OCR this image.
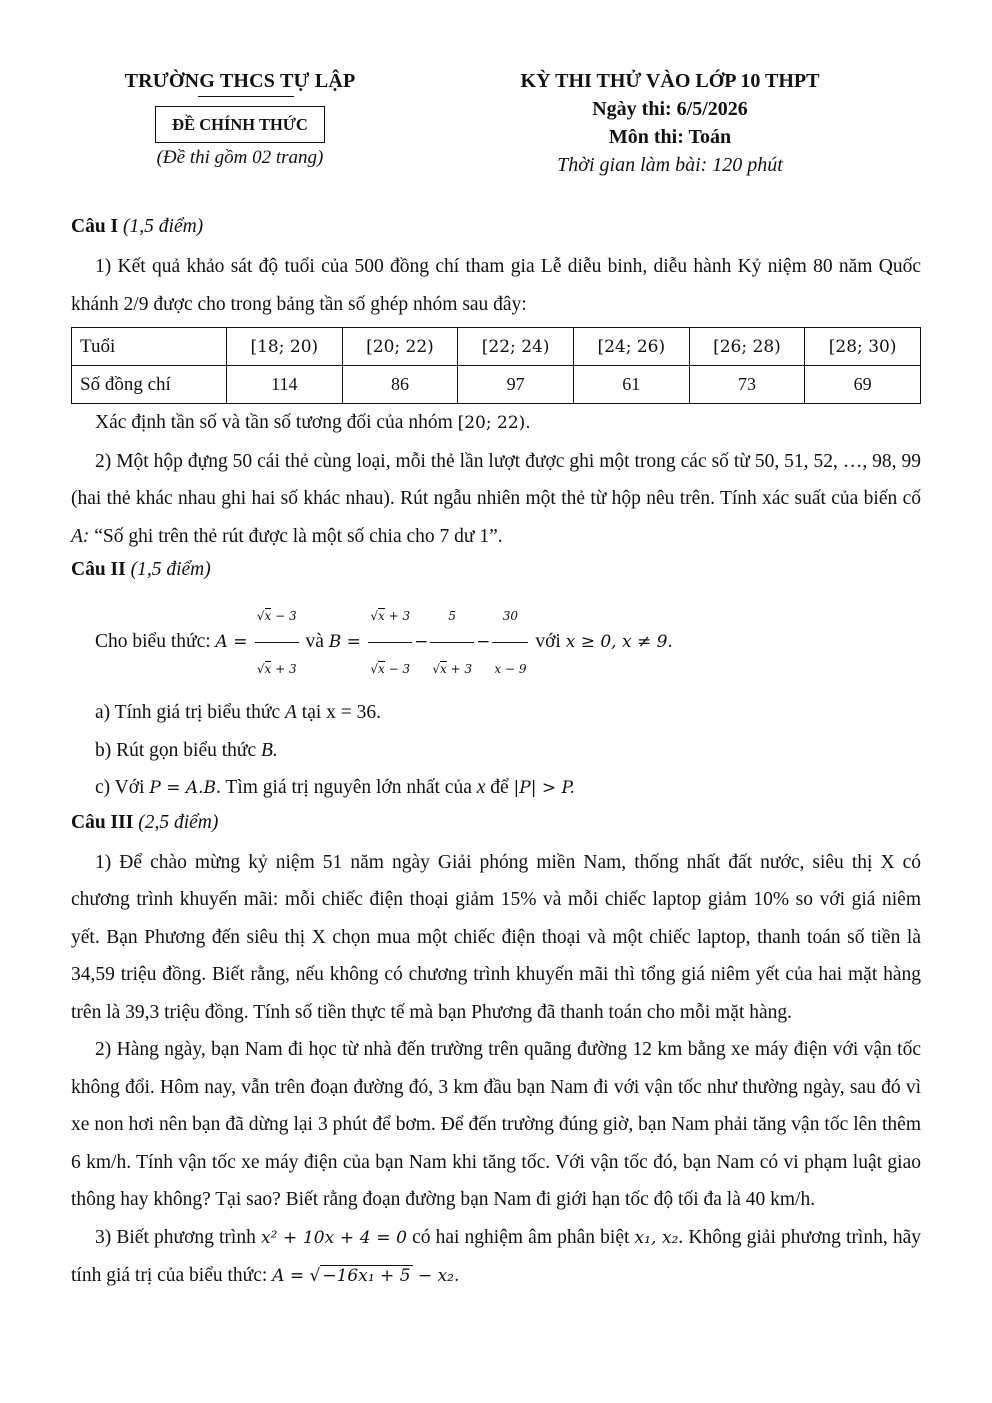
TRƯỜNG THCS TỰ LẬP
ĐỀ CHÍNH THỨC
(Đề thi gồm 02 trang)
KỲ THI THỬ VÀO LỚP 10 THPT
Ngày thi: 6/5/2026
Môn thi: Toán
Thời gian làm bài: 120 phút
Câu I (1,5 điểm)

1) Kết quả khảo sát độ tuổi của 500 đồng chí tham gia Lễ diễu binh, diễu hành Kỷ niệm 80 năm Quốc khánh 2/9 được cho trong bảng tần số ghép nhóm sau đây:

Tuổi	[18; 20)	[20; 22)	[22; 24)	[24; 26)	[26; 28)	[28; 30)
Số đồng chí	114	86	97	61	73	69

Xác định tần số và tần số tương đối của nhóm [20; 22).

2) Một hộp đựng 50 cái thẻ cùng loại, mỗi thẻ lần lượt được ghi một trong các số từ 50, 51, 52, …, 98, 99 (hai thẻ khác nhau ghi hai số khác nhau). Rút ngẫu nhiên một thẻ từ hộp nêu trên. Tính xác suất của biến cố A: “Số ghi trên thẻ rút được là một số chia cho 7 dư 1”.

Câu II (1,5 điểm)

Cho biểu thức: $A = \frac{√x - 3}{√x + 3}$ và $B = \frac{√x + 3}{√x - 3} - \frac{5}{√x + 3} - \frac{30}{x - 9}$ với x ≥ 0, x ≠ 9.

a) Tính giá trị biểu thức A tại x = 36.

b) Rút gọn biểu thức B.

c) Với P = A.B. Tìm giá trị nguyên lớn nhất của x để |P| > P.

Câu III (2,5 điểm)

1) Để chào mừng kỷ niệm 51 năm ngày Giải phóng miền Nam, thống nhất đất nước, siêu thị X có chương trình khuyến mãi: mỗi chiếc điện thoại giảm 15% và mỗi chiếc laptop giảm 10% so với giá niêm yết. Bạn Phương đến siêu thị X chọn mua một chiếc điện thoại và một chiếc laptop, thanh toán số tiền là 34,59 triệu đồng. Biết rằng, nếu không có chương trình khuyến mãi thì tổng giá niêm yết của hai mặt hàng trên là 39,3 triệu đồng. Tính số tiền thực tế mà bạn Phương đã thanh toán cho mỗi mặt hàng.

2) Hàng ngày, bạn Nam đi học từ nhà đến trường trên quãng đường 12 km bằng xe máy điện với vận tốc không đổi. Hôm nay, vẫn trên đoạn đường đó, 3 km đầu bạn Nam đi với vận tốc như thường ngày, sau đó vì xe non hơi nên bạn đã dừng lại 3 phút để bơm. Để đến trường đúng giờ, bạn Nam phải tăng vận tốc lên thêm 6 km/h. Tính vận tốc xe máy điện của bạn Nam khi tăng tốc. Với vận tốc đó, bạn Nam có vi phạm luật giao thông hay không? Tại sao? Biết rằng đoạn đường bạn Nam đi giới hạn tốc độ tối đa là 40 km/h.

3) Biết phương trình x² + 10x + 4 = 0 có hai nghiệm âm phân biệt x₁, x₂. Không giải phương trình, hãy tính giá trị của biểu thức: A = √ −16x₁ + 5 − x₂.
